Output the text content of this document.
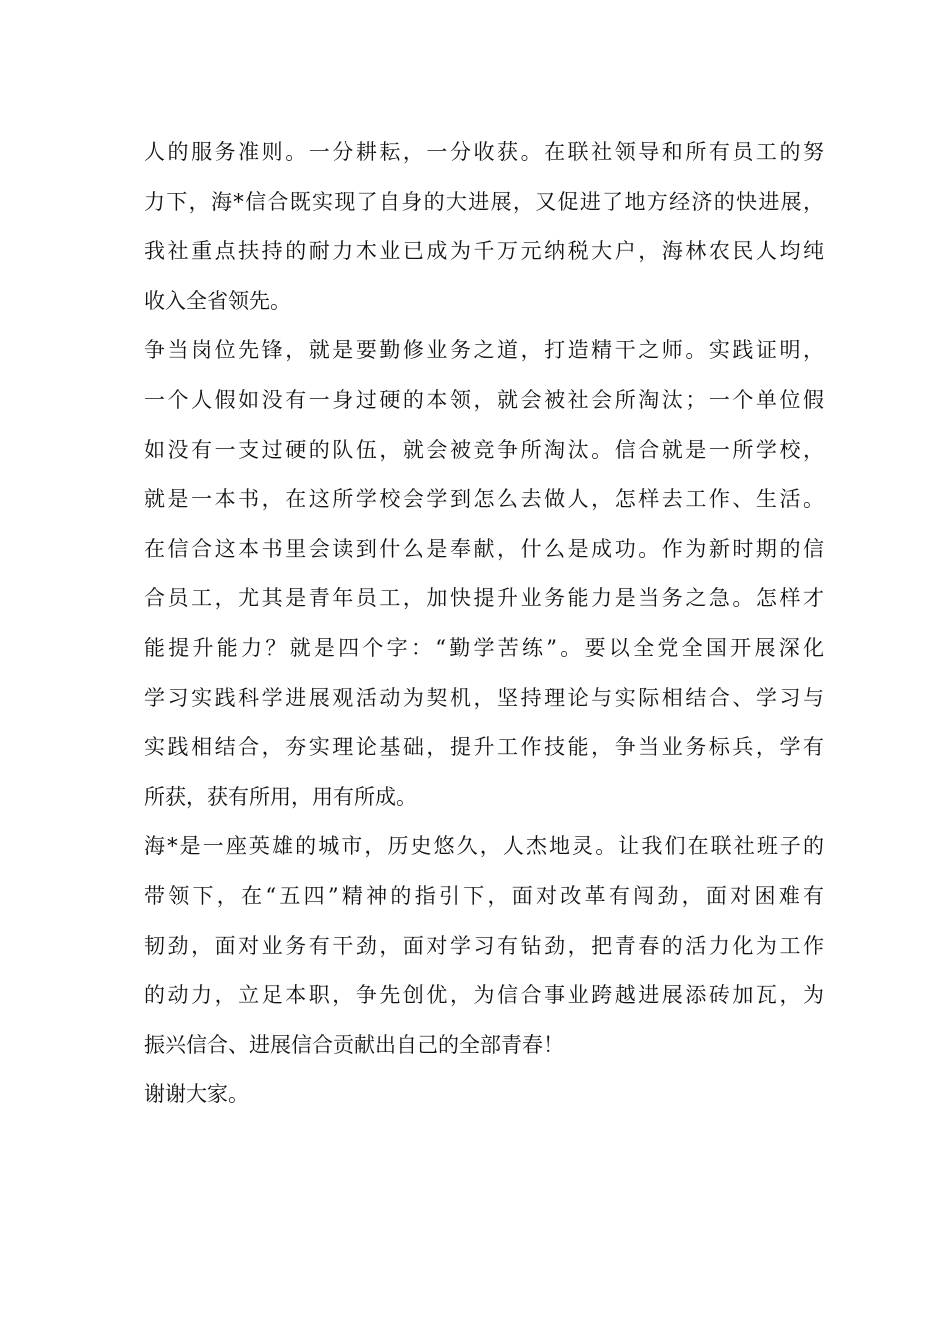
人的服务准则。一分耕耘，一分收获。在联社领导和所有员工的努
力下，海*信合既实现了自身的大进展，又促进了地方经济的快进展，
我社重点扶持的耐力木业已成为千万元纳税大户，海林农民人均纯
收入全省领先。
争当岗位先锋，就是要勤修业务之道，打造精干之师。实践证明，
一个人假如没有一身过硬的本领，就会被社会所淘汰；一个单位假
如没有一支过硬的队伍，就会被竞争所淘汰。信合就是一所学校，
就是一本书，在这所学校会学到怎么去做人，怎样去工作、生活。
在信合这本书里会读到什么是奉献，什么是成功。作为新时期的信
合员工，尤其是青年员工，加快提升业务能力是当务之急。怎样才
能提升能力？就是四个字：“勤学苦练”。要以全党全国开展深化
学习实践科学进展观活动为契机，坚持理论与实际相结合、学习与
实践相结合，夯实理论基础，提升工作技能，争当业务标兵，学有
所获，获有所用，用有所成。
海*是一座英雄的城市，历史悠久，人杰地灵。让我们在联社班子的
带领下，在“五四”精神的指引下，面对改革有闯劲，面对困难有
韧劲，面对业务有干劲，面对学习有钻劲，把青春的活力化为工作
的动力，立足本职，争先创优，为信合事业跨越进展添砖加瓦，为
振兴信合、进展信合贡献出自己的全部青春！
谢谢大家。
